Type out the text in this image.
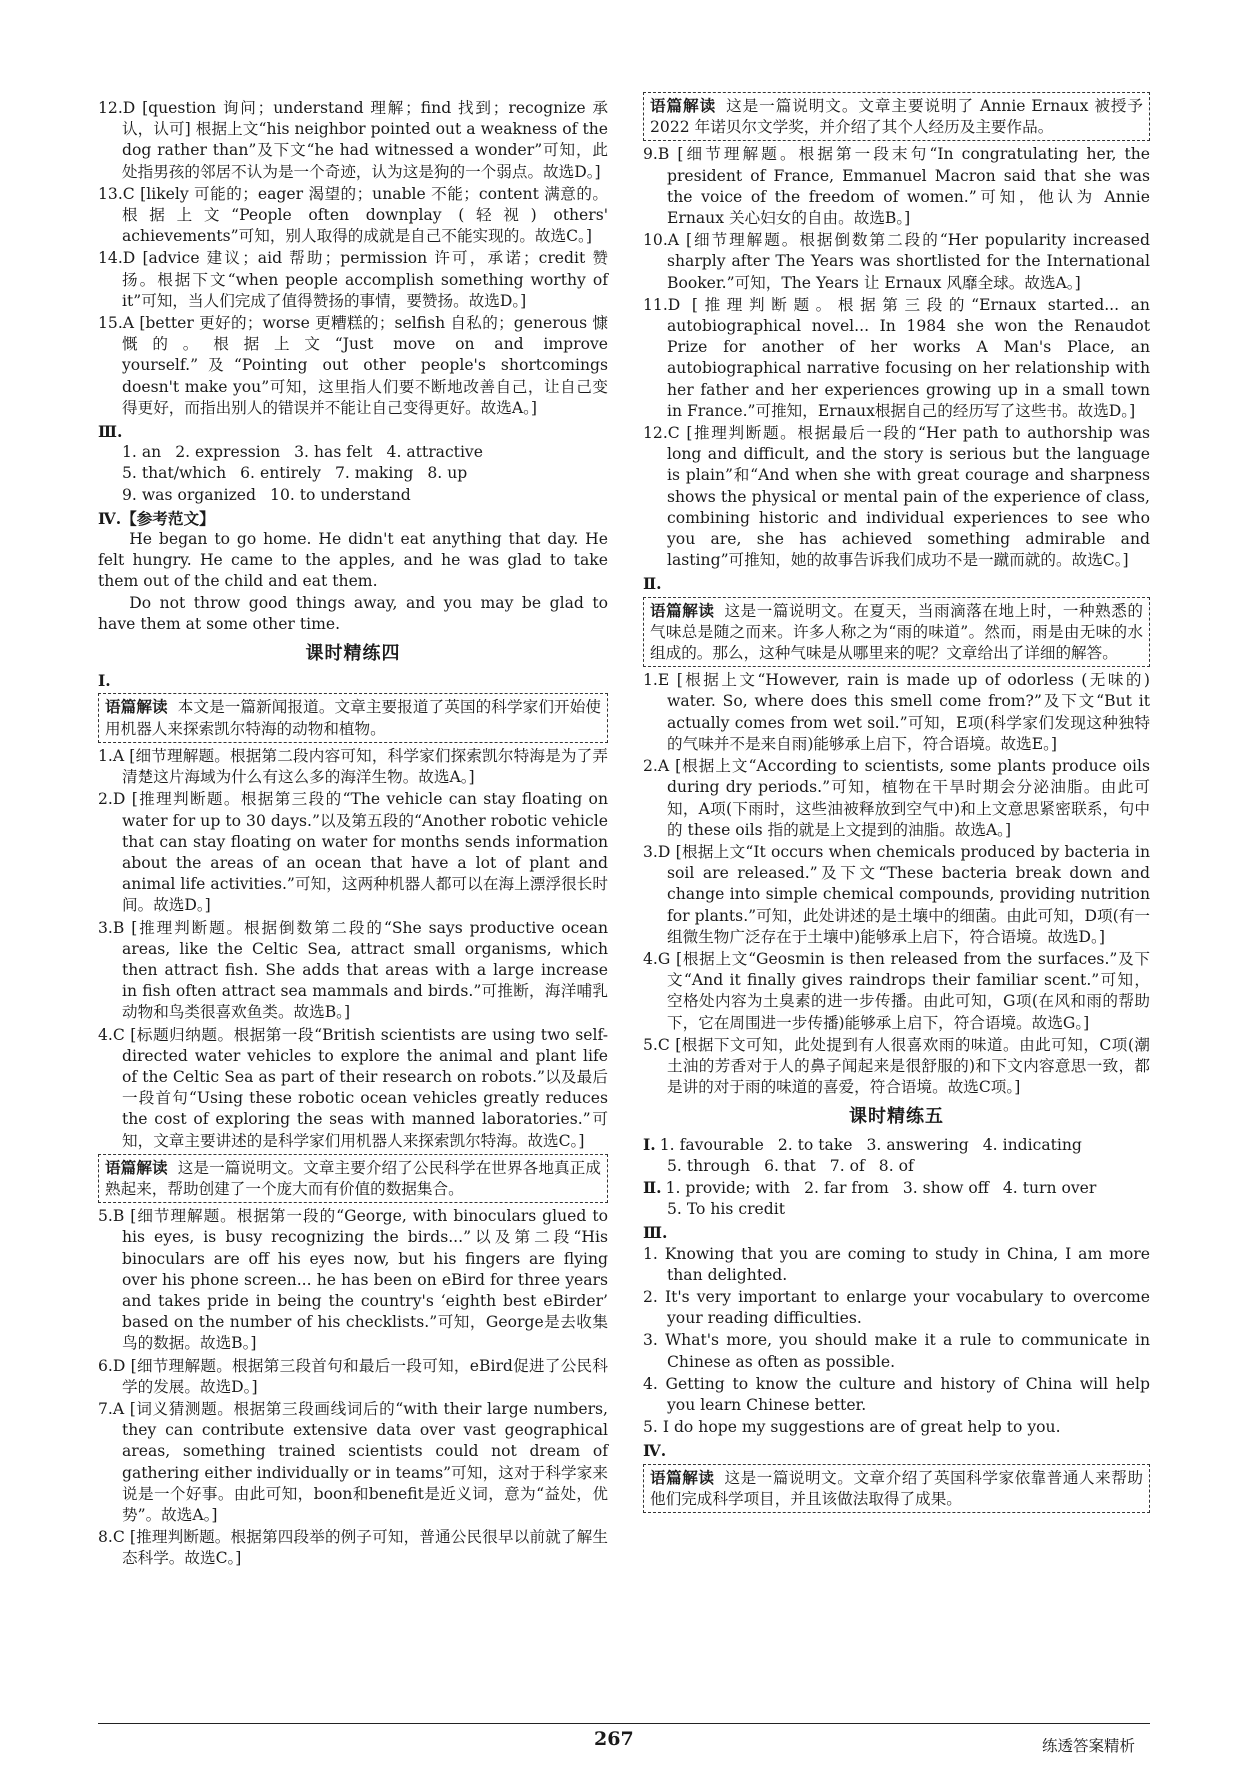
12.D [question 询问；understand 理解；find 找到；recognize 承认，认可] 根据上文“his neighbor pointed out a weakness of the dog rather than”及下文“he had witnessed a wonder”可知，此处指男孩的邻居不认为是一个奇迹，认为这是狗的一个弱点。故选D。]

13.C [likely 可能的；eager 渴望的；unable 不能；content 满意的。根据上文“People often downplay (轻视) others' achievements”可知，别人取得的成就是自己不能实现的。故选C。]

14.D [advice 建议；aid 帮助；permission 许可，承诺；credit 赞扬。根据下文“when people accomplish something worthy of it”可知，当人们完成了值得赞扬的事情，要赞扬。故选D。]

15.A [better 更好的；worse 更糟糕的；selfish 自私的；generous 慷慨的。根据上文“Just move on and improve yourself.”及“Pointing out other people's shortcomings doesn't make you”可知，这里指人们要不断地改善自己，让自己变得更好，而指出别人的错误并不能让自己变得更好。故选A。]

Ⅲ.
1. an 2. expression 3. has felt 4. attractive
5. that/which 6. entirely 7. making 8. up
9. was organized 10. to understand
Ⅳ.【参考范文】

He began to go home. He didn't eat anything that day. He felt hungry. He came to the apples, and he was glad to take them out of the child and eat them.

Do not throw good things away, and you may be glad to have them at some other time.

课时精练四
Ⅰ.
语篇解读 本文是一篇新闻报道。文章主要报道了英国的科学家们开始使用机器人来探索凯尔特海的动物和植物。

1.A [细节理解题。根据第二段内容可知，科学家们探索凯尔特海是为了弄清楚这片海域为什么有这么多的海洋生物。故选A。]

2.D [推理判断题。根据第三段的“The vehicle can stay floating on water for up to 30 days.”以及第五段的“Another robotic vehicle that can stay floating on water for months sends information about the areas of an ocean that have a lot of plant and animal life activities.”可知，这两种机器人都可以在海上漂浮很长时间。故选D。]

3.B [推理判断题。根据倒数第二段的“She says productive ocean areas, like the Celtic Sea, attract small organisms, which then attract fish. She adds that areas with a large increase in fish often attract sea mammals and birds.”可推断，海洋哺乳动物和鸟类很喜欢鱼类。故选B。]

4.C [标题归纳题。根据第一段“British scientists are using two self-directed water vehicles to explore the animal and plant life of the Celtic Sea as part of their research on robots.”以及最后一段首句“Using these robotic ocean vehicles greatly reduces the cost of exploring the seas with manned laboratories.”可知，文章主要讲述的是科学家们用机器人来探索凯尔特海。故选C。]

语篇解读 这是一篇说明文。文章主要介绍了公民科学在世界各地真正成熟起来，帮助创建了一个庞大而有价值的数据集合。

5.B [细节理解题。根据第一段的“George, with binoculars glued to his eyes, is busy recognizing the birds...”以及第二段“His binoculars are off his eyes now, but his fingers are flying over his phone screen... he has been on eBird for three years and takes pride in being the country's ‘eighth best eBirder’ based on the number of his checklists.”可知，George是去收集鸟的数据。故选B。]

6.D [细节理解题。根据第三段首句和最后一段可知，eBird促进了公民科学的发展。故选D。]

7.A [词义猜测题。根据第三段画线词后的“with their large numbers, they can contribute extensive data over vast geographical areas, something trained scientists could not dream of gathering either individually or in teams”可知，这对于科学家来说是一个好事。由此可知，boon和benefit是近义词，意为“益处，优势”。故选A。]

8.C [推理判断题。根据第四段举的例子可知，普通公民很早以前就了解生态科学。故选C。]

语篇解读 这是一篇说明文。文章主要说明了 Annie Ernaux 被授予 2022 年诺贝尔文学奖，并介绍了其个人经历及主要作品。

9.B [细节理解题。根据第一段末句“In congratulating her, the president of France, Emmanuel Macron said that she was the voice of the freedom of women.”可知，他认为 Annie Ernaux 关心妇女的自由。故选B。]

10.A [细节理解题。根据倒数第二段的“Her popularity increased sharply after The Years was shortlisted for the International Booker.”可知，The Years 让 Ernaux 风靡全球。故选A。]

11.D [推理判断题。根据第三段的“Ernaux started... an autobiographical novel... In 1984 she won the Renaudot Prize for another of her works A Man's Place, an autobiographical narrative focusing on her relationship with her father and her experiences growing up in a small town in France.”可推知，Ernaux根据自己的经历写了这些书。故选D。]

12.C [推理判断题。根据最后一段的“Her path to authorship was long and difficult, and the story is serious but the language is plain”和“And when she with great courage and sharpness shows the physical or mental pain of the experience of class, combining historic and individual experiences to see who you are, she has achieved something admirable and lasting”可推知，她的故事告诉我们成功不是一蹴而就的。故选C。]

Ⅱ.
语篇解读 这是一篇说明文。在夏天，当雨滴落在地上时，一种熟悉的气味总是随之而来。许多人称之为“雨的味道”。然而，雨是由无味的水组成的。那么，这种气味是从哪里来的呢？文章给出了详细的解答。

1.E [根据上文“However, rain is made up of odorless (无味的) water. So, where does this smell come from?”及下文“But it actually comes from wet soil.”可知，E项(科学家们发现这种独特的气味并不是来自雨)能够承上启下，符合语境。故选E。]

2.A [根据上文“According to scientists, some plants produce oils during dry periods.”可知，植物在干旱时期会分泌油脂。由此可知，A项(下雨时，这些油被释放到空气中)和上文意思紧密联系，句中的 these oils 指的就是上文提到的油脂。故选A。]

3.D [根据上文“It occurs when chemicals produced by bacteria in soil are released.”及下文“These bacteria break down and change into simple chemical compounds, providing nutrition for plants.”可知，此处讲述的是土壤中的细菌。由此可知，D项(有一组微生物广泛存在于土壤中)能够承上启下，符合语境。故选D。]

4.G [根据上文“Geosmin is then released from the surfaces.”及下文“And it finally gives raindrops their familiar scent.”可知，空格处内容为土臭素的进一步传播。由此可知，G项(在风和雨的帮助下，它在周围进一步传播)能够承上启下，符合语境。故选G。]

5.C [根据下文可知，此处提到有人很喜欢雨的味道。由此可知，C项(潮土油的芳香对于人的鼻子闻起来是很舒服的)和下文内容意思一致，都是讲的对于雨的味道的喜爱，符合语境。故选C项。]

课时精练五
Ⅰ. 1. favourable 2. to take 3. answering 4. indicating
5. through 6. that 7. of 8. of
Ⅱ. 1. provide; with 2. far from 3. show off 4. turn over
5. To his credit
Ⅲ.

1. Knowing that you are coming to study in China, I am more than delighted.

2. It's very important to enlarge your vocabulary to overcome your reading difficulties.

3. What's more, you should make it a rule to communicate in Chinese as often as possible.

4. Getting to know the culture and history of China will help you learn Chinese better.

5. I do hope my suggestions are of great help to you.

Ⅳ.
语篇解读 这是一篇说明文。文章介绍了英国科学家依靠普通人来帮助他们完成科学项目，并且该做法取得了成果。
267	练透答案精析
